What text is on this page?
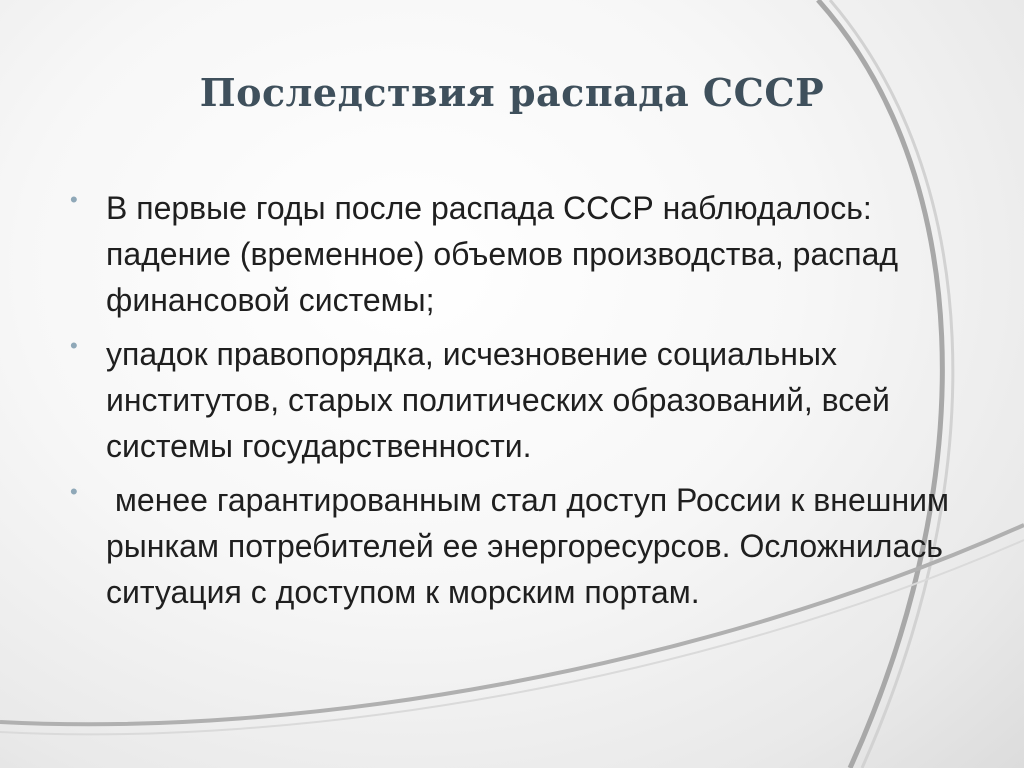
Последствия распада СССР
• В первые годы после распада СССР наблюдалось: падение (временное) объемов производства, распад финансовой системы;
• упадок правопорядка, исчезновение социальных институтов, старых политических образований, всей системы государственности.
• менее гарантированным стал доступ России к внешним рынкам потребителей ее энергоресурсов. Осложнилась ситуация с доступом к морским портам.
